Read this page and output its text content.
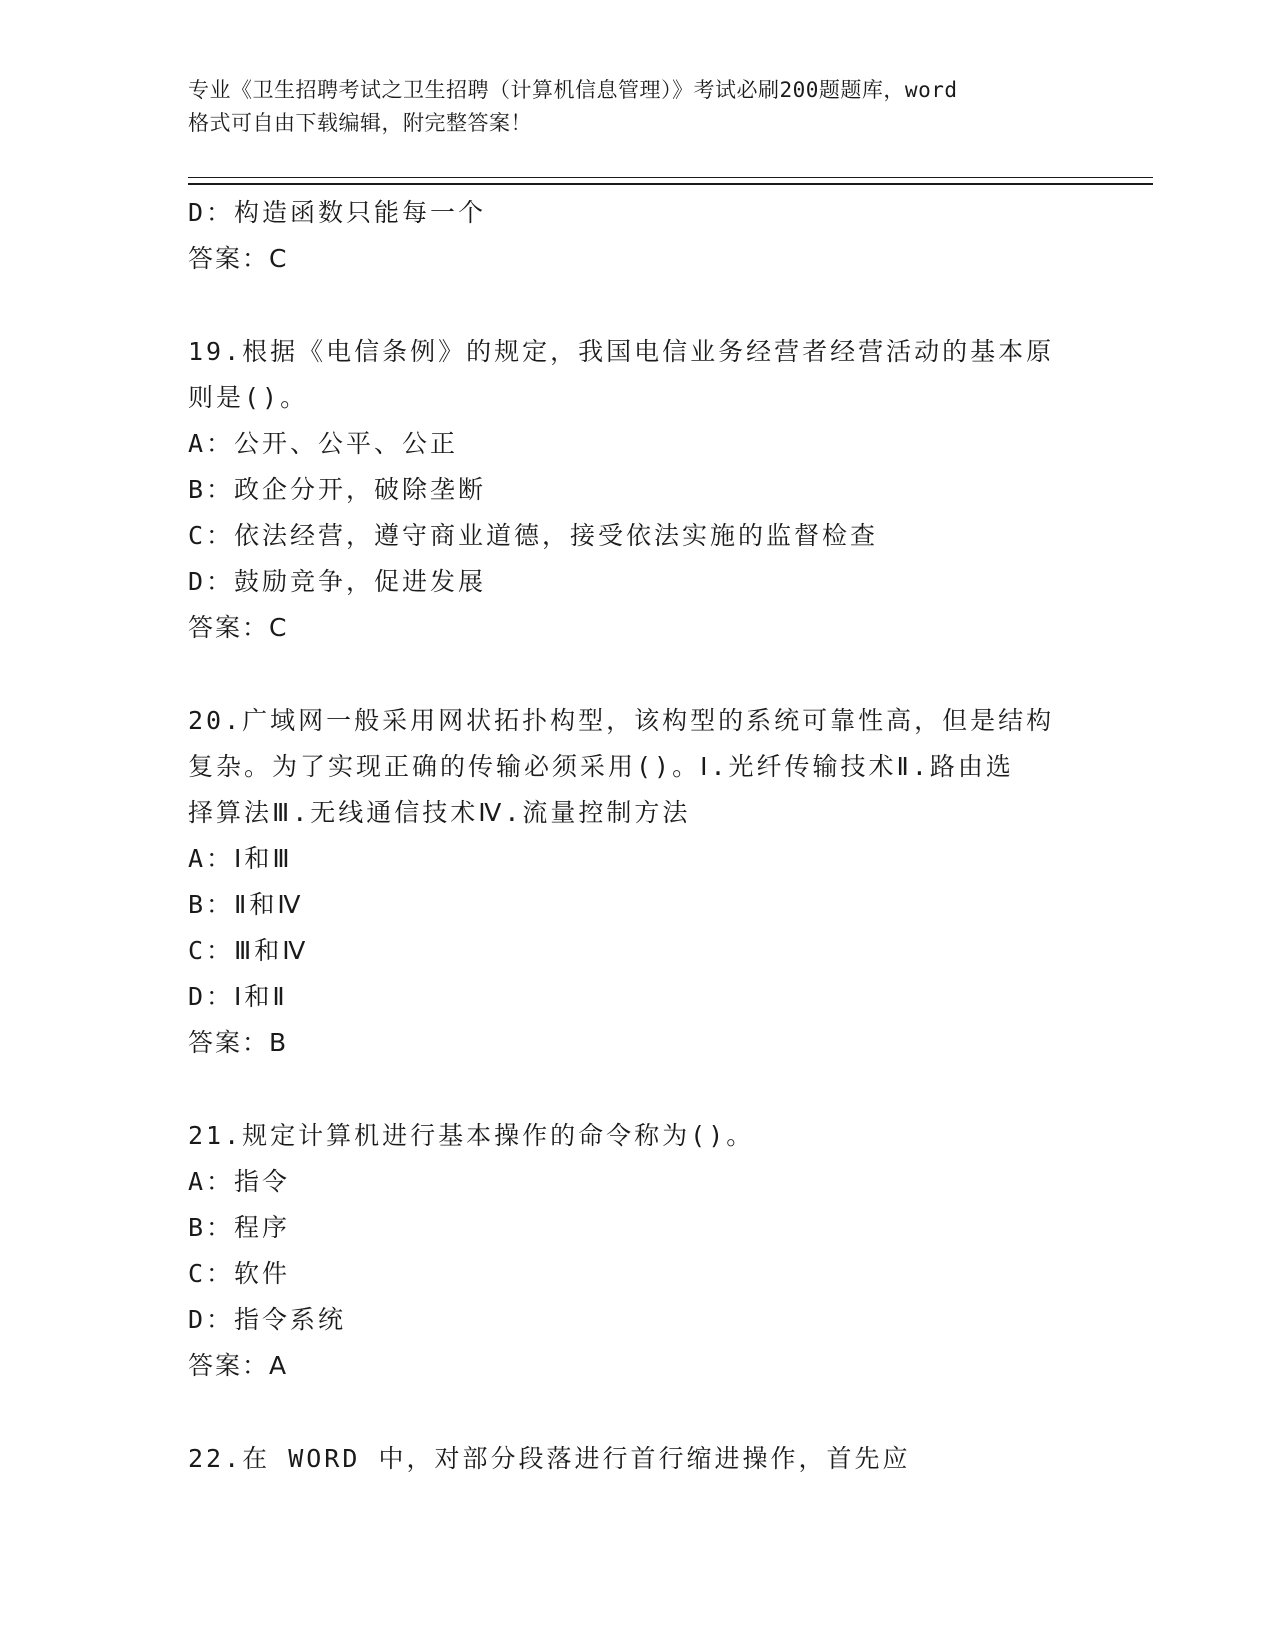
专业《卫生招聘考试之卫生招聘（计算机信息管理）》考试必刷200题题库，word
格式可自由下载编辑，附完整答案！
D：构造函数只能每一个
答案：C
19.根据《电信条例》的规定，我国电信业务经营者经营活动的基本原
则是()。
A：公开、公平、公正
B：政企分开，破除垄断
C：依法经营，遵守商业道德，接受依法实施的监督检查
D：鼓励竞争，促进发展
答案：C
20.广域网一般采用网状拓扑构型，该构型的系统可靠性高，但是结构
复杂。为了实现正确的传输必须采用()。Ⅰ.光纤传输技术Ⅱ.路由选
择算法Ⅲ.无线通信技术Ⅳ.流量控制方法
A：Ⅰ和Ⅲ
B：Ⅱ和Ⅳ
C：Ⅲ和Ⅳ
D：Ⅰ和Ⅱ
答案：B
21.规定计算机进行基本操作的命令称为()。
A：指令
B：程序
C：软件
D：指令系统
答案：A
22.在 WORD 中，对部分段落进行首行缩进操作，首先应
